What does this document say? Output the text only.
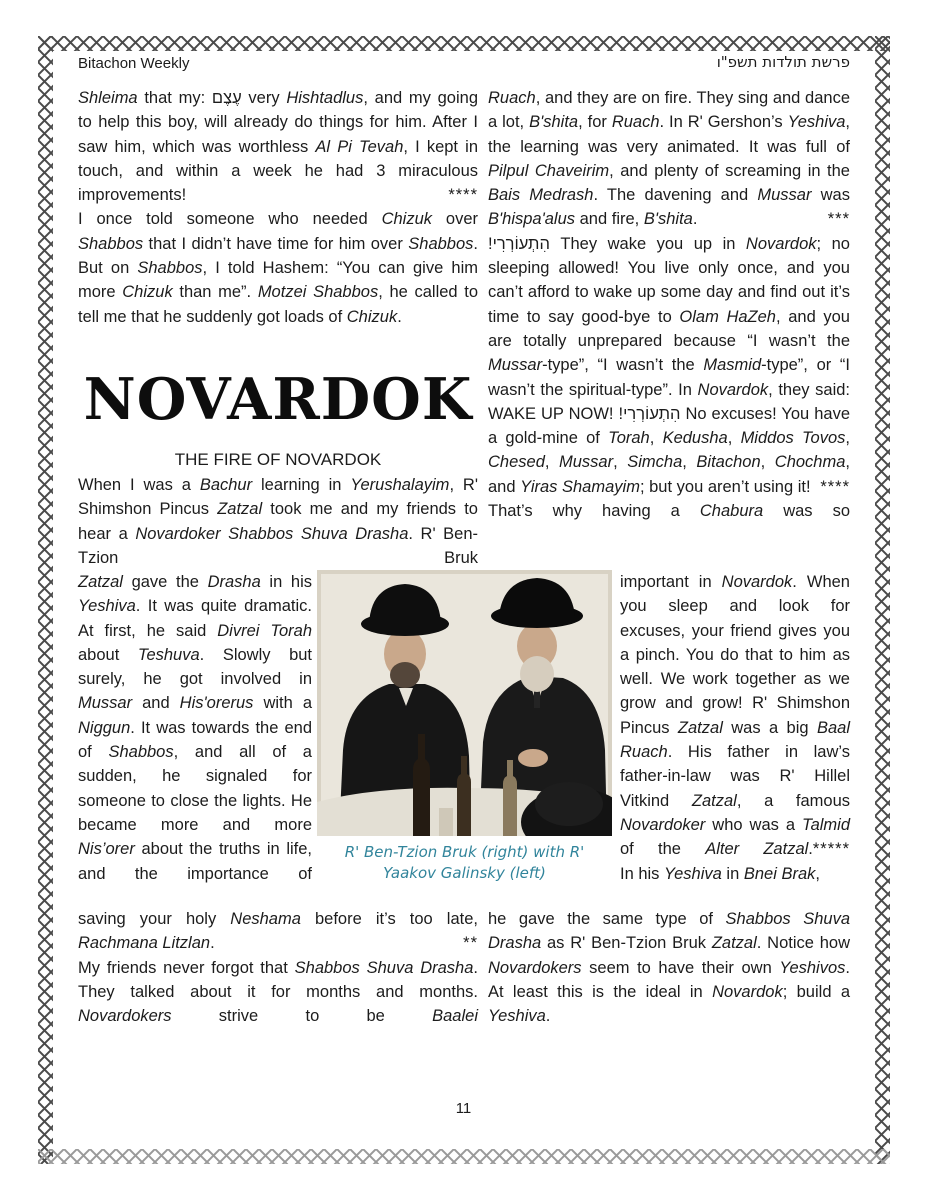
Bitachon Weekly	פרשת תולדות תשפ"ו

Shleima that my: עֶצֶם very Hishtadlus, and my going to help this boy, will already do things for him. After I saw him, which was worthless Al Pi Tevah, I kept in touch, and within a week he had 3 miraculous improvements!	****

I once told someone who needed Chizuk over Shabbos that I didn’t have time for him over Shabbos. But on Shabbos, I told Hashem: “You can give him more Chizuk than me”. Motzei Shabbos, he called to tell me that he suddenly got loads of Chizuk.

NOVARDOK
THE FIRE OF NOVARDOK

When I was a Bachur learning in Yerushalayim, R' Shimshon Pincus Zatzal took me and my friends to hear a Novardoker Shabbos Shuva Drasha. R' Ben-Tzion Bruk

Zatzal gave the Drasha in his Yeshiva. It was quite dramatic. At first, he said Divrei Torah about Teshuva. Slowly but surely, he got involved in Mussar and His'orerus with a Niggun. It was towards the end of Shabbos, and all of a sudden, he signaled for someone to close the lights. He became more and more Nis’orer about the truths in life, and the importance of

saving your holy Neshama before it’s too late, Rachmana Litzlan.	**

My friends never forgot that Shabbos Shuva Drasha. They talked about it for months and months. Novardokers strive to be Baalei

Ruach, and they are on fire. They sing and dance a lot, B'shita, for Ruach. In R' Gershon’s Yeshiva, the learning was very animated. It was full of Pilpul Chaveirim, and plenty of screaming in the Bais Medrash. The davening and Mussar was B'hispa'alus and fire, B'shita.	***

הִתְעוֹרְרִי!‏ They wake you up in Novardok; no sleeping allowed! You live only once, and you can’t afford to wake up some day and find out it’s time to say good-bye to Olam HaZeh, and you are totally unprepared because “I wasn’t the Mussar-type”, “I wasn’t the Masmid-type”, or “I wasn’t the spiritual-type”. In Novardok, they said: WAKE UP NOW! הִתְעוֹרְרִי!‏ No excuses! You have a gold-mine of Torah, Kedusha, Middos Tovos, Chesed, Mussar, Simcha, Bitachon, Chochma, and Yiras Shamayim; but you aren’t using it! ****

That’s why having a Chabura was so

important in Novardok. When you sleep and look for excuses, your friend gives you a pinch. You do that to him as well. We work together as we grow and grow! R' Shimshon Pincus Zatzal was a big Baal Ruach. His father in law’s father-in-law was R' Hillel Vitkind Zatzal, a famous Novardoker who was a Talmid of the Alter Zatzal. *****

In his Yeshiva in Bnei Brak,

he gave the same type of Shabbos Shuva Drasha as R' Ben-Tzion Bruk Zatzal. Notice how Novardokers seem to have their own Yeshivos. At least this is the ideal in Novardok; build a Yeshiva.

R' Ben-Tzion Bruk (right) with R' Yaakov Galinsky (left)
11
